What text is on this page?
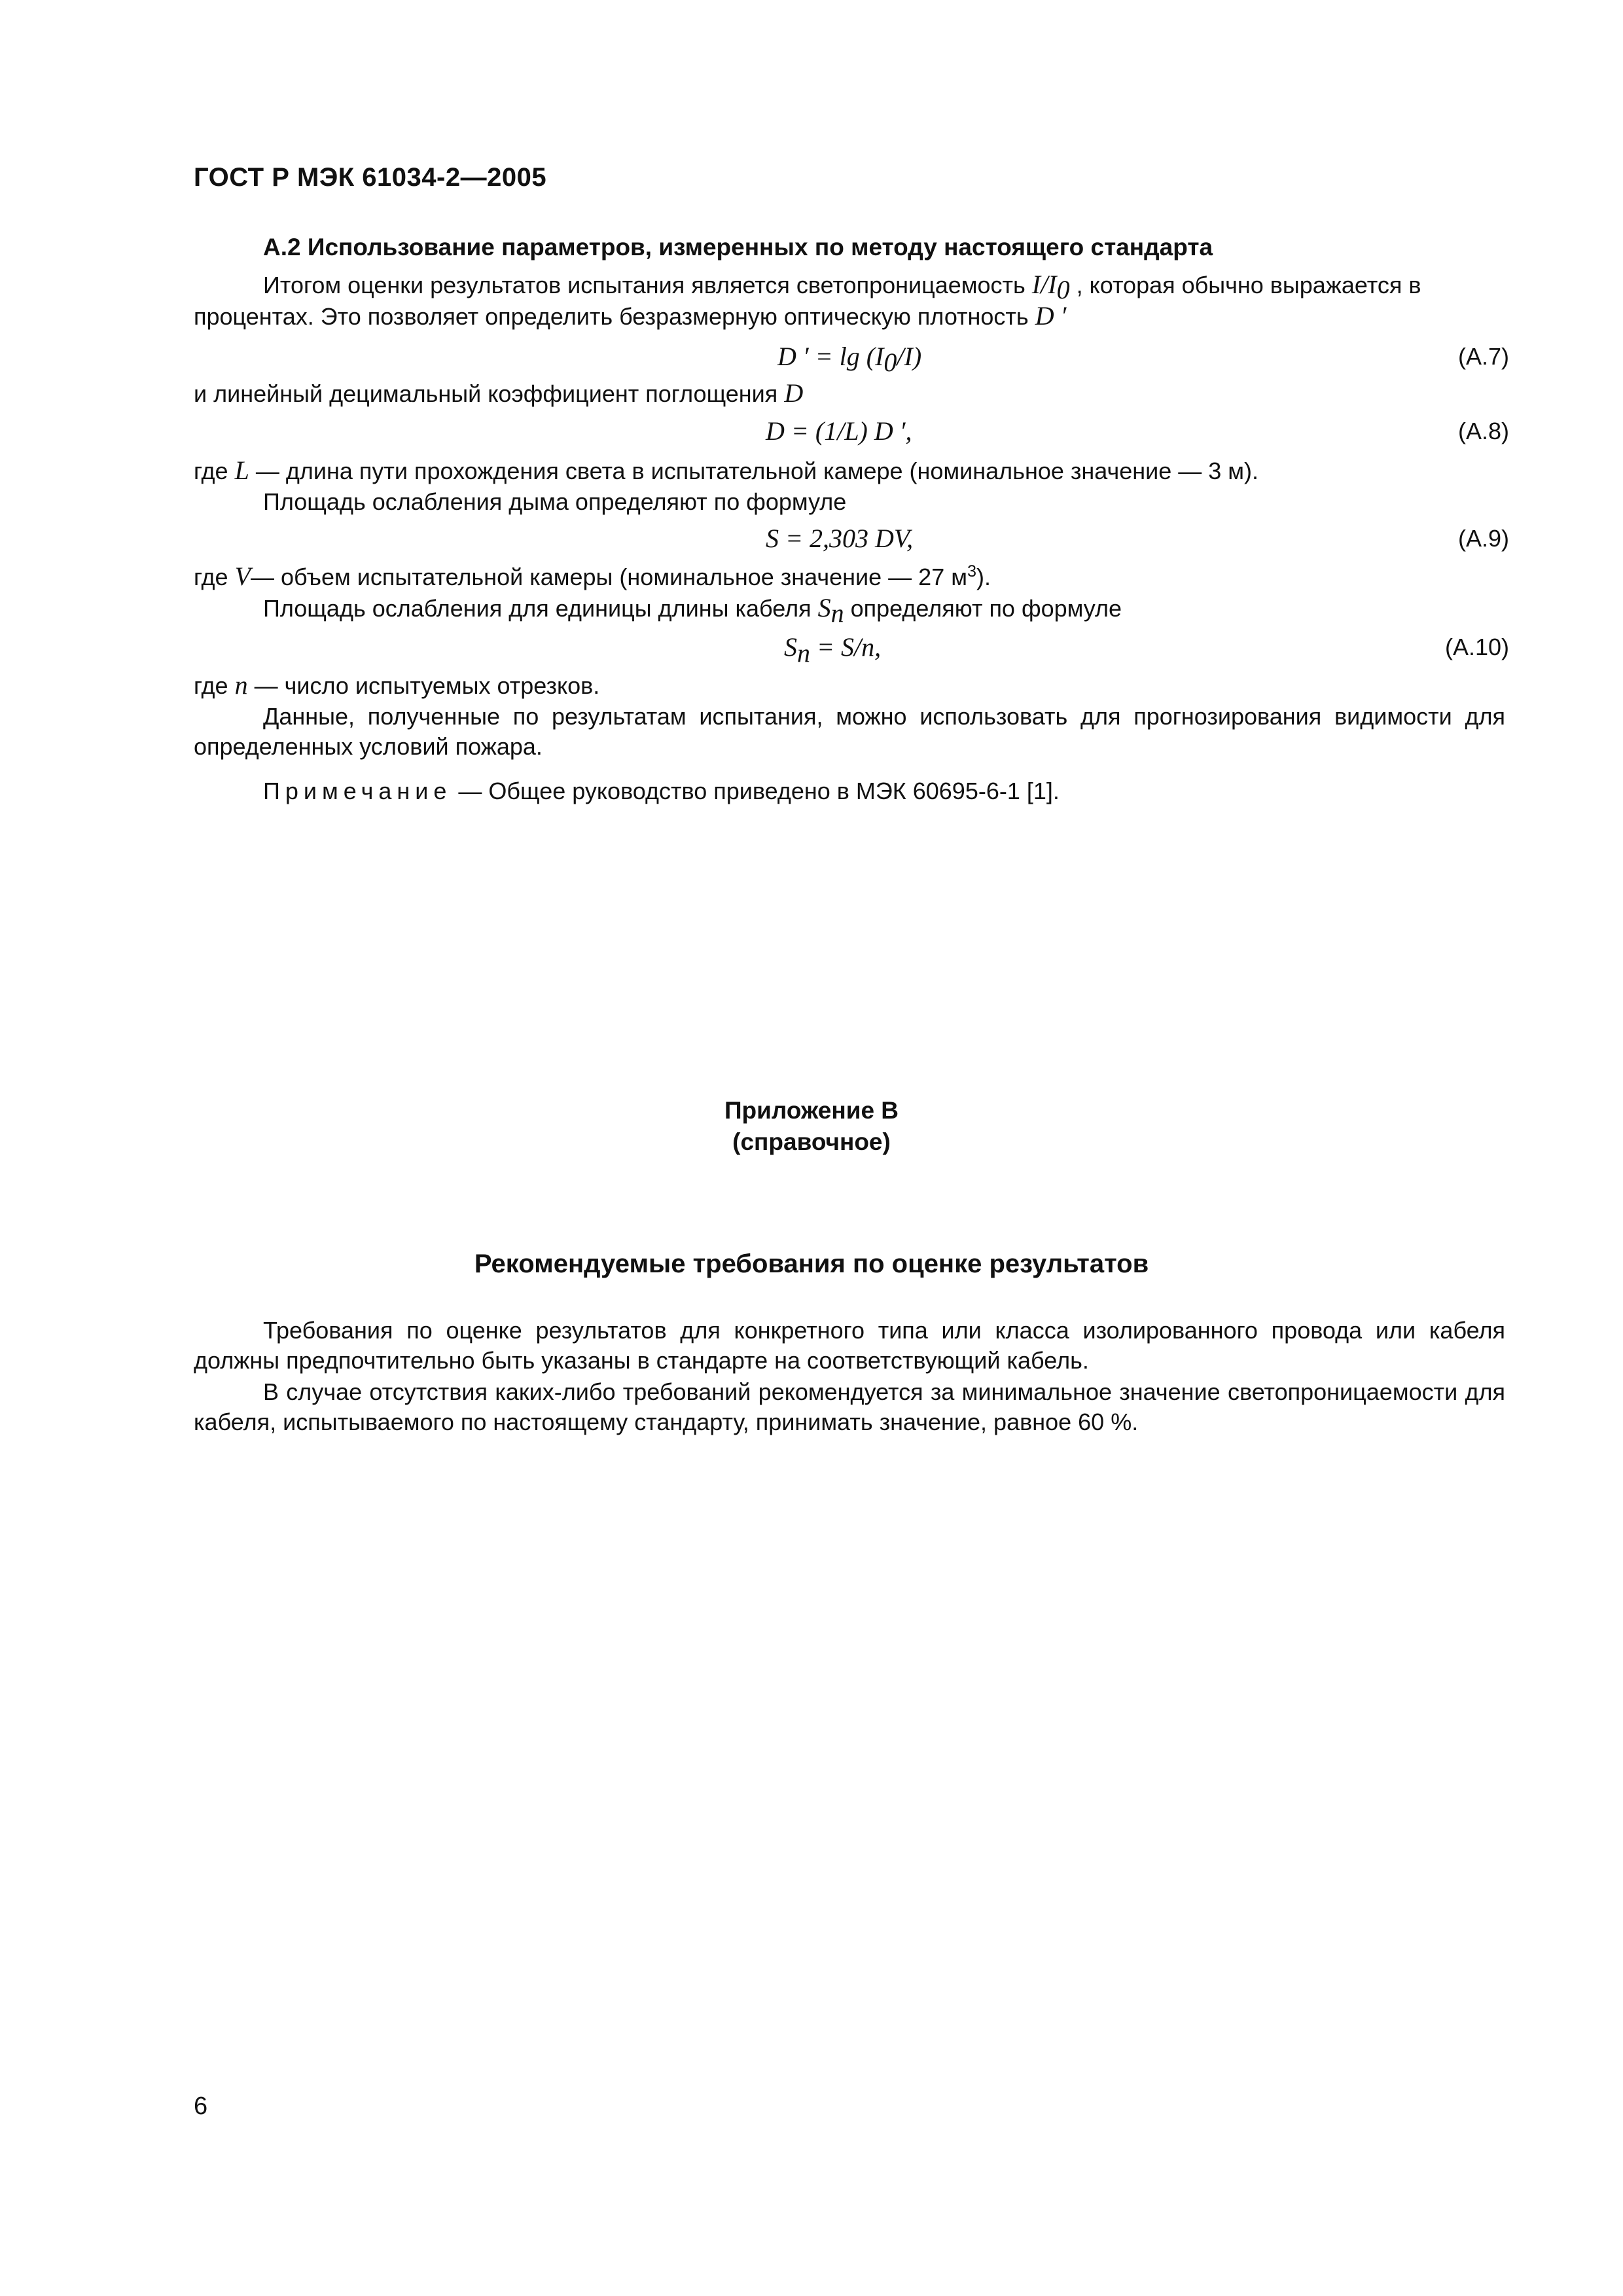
ГОСТ Р МЭК 61034-2—2005
А.2 Использование параметров, измеренных по методу настоящего стандарта
Итогом оценки результатов испытания является светопроницаемость $I/I_0$ , которая обычно выражается в
процентах. Это позволяет определить безразмерную оптическую плотность D ′
D ′ = $\lg (I_0/I)$	(A.7)
и линейный децимальный коэффициент поглощения D
D = (1/L) D ′,	(A.8)
где L — длина пути прохождения света в испытательной камере (номинальное значение — 3 м).
Площадь ослабления дыма определяют по формуле
S = 2,303 DV,	(A.9)
где V— объем испытательной камеры (номинальное значение — 27 $м^3$).
Площадь ослабления для единицы длины кабеля $S_n$ определяют по формуле
$S_n = S/n$,	(A.10)
где n — число испытуемых отрезков.
Данные, полученные по результатам испытания, можно использовать для прогнозирования видимости для определенных условий пожара.
Примечание — Общее руководство приведено в МЭК 60695-6-1 [1].
Приложение В
(справочное)
Рекомендуемые требования по оценке результатов
Требования по оценке результатов для конкретного типа или класса изолированного провода или кабеля должны предпочтительно быть указаны в стандарте на соответствующий кабель.
В случае отсутствия каких-либо требований рекомендуется за минимальное значение светопроницаемости для кабеля, испытываемого по настоящему стандарту, принимать значение, равное 60 %.
6
